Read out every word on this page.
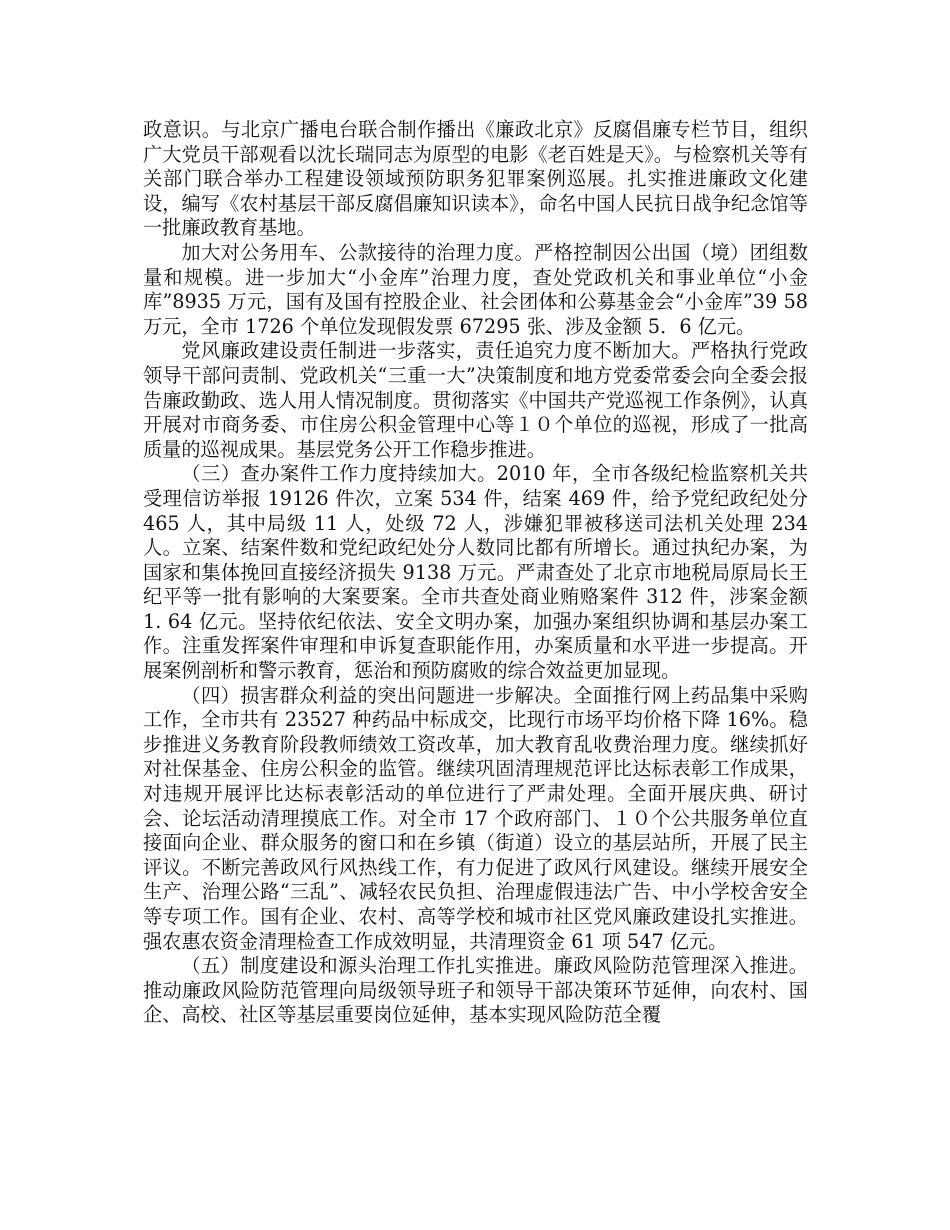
政意识。与北京广播电台联合制作播出《廉政北京》反腐倡廉专栏节目，组织广大党员干部观看以沈长瑞同志为原型的电影《老百姓是天》。与检察机关等有关部门联合举办工程建设领域预防职务犯罪案例巡展。扎实推进廉政文化建设，编写《农村基层干部反腐倡廉知识读本》，命名中国人民抗日战争纪念馆等一批廉政教育基地。

加大对公务用车、公款接待的治理力度。严格控制因公出国（境）团组数量和规模。进一步加大“小金库”治理力度，查处党政机关和事业单位“小金库”8935 万元，国有及国有控股企业、社会团体和公募基金会“小金库”39 58 万元，全市 1726 个单位发现假发票 67295 张、涉及金额 5．6 亿元。

党风廉政建设责任制进一步落实，责任追究力度不断加大。严格执行党政领导干部问责制、党政机关“三重一大”决策制度和地方党委常委会向全委会报告廉政勤政、选人用人情况制度。贯彻落实《中国共产党巡视工作条例》，认真开展对市商务委、市住房公积金管理中心等１０个单位的巡视，形成了一批高质量的巡视成果。基层党务公开工作稳步推进。

（三）查办案件工作力度持续加大。2010 年，全市各级纪检监察机关共受理信访举报 19126 件次，立案 534 件，结案 469 件，给予党纪政纪处分 465 人，其中局级 11 人，处级 72 人，涉嫌犯罪被移送司法机关处理 234 人。立案、结案件数和党纪政纪处分人数同比都有所增长。通过执纪办案，为国家和集体挽回直接经济损失 9138 万元。严肃查处了北京市地税局原局长王纪平等一批有影响的大案要案。全市共查处商业贿赂案件 312 件，涉案金额 1. 64 亿元。坚持依纪依法、安全文明办案，加强办案组织协调和基层办案工作。注重发挥案件审理和申诉复查职能作用，办案质量和水平进一步提高。开展案例剖析和警示教育，惩治和预防腐败的综合效益更加显现。

（四）损害群众利益的突出问题进一步解决。全面推行网上药品集中采购工作，全市共有 23527 种药品中标成交，比现行市场平均价格下降 16%。稳步推进义务教育阶段教师绩效工资改革，加大教育乱收费治理力度。继续抓好对社保基金、住房公积金的监管。继续巩固清理规范评比达标表彰工作成果，对违规开展评比达标表彰活动的单位进行了严肃处理。全面开展庆典、研讨会、论坛活动清理摸底工作。对全市 17 个政府部门、１０个公共服务单位直接面向企业、群众服务的窗口和在乡镇（街道）设立的基层站所，开展了民主评议。不断完善政风行风热线工作，有力促进了政风行风建设。继续开展安全生产、治理公路“三乱”、减轻农民负担、治理虚假违法广告、中小学校舍安全等专项工作。国有企业、农村、高等学校和城市社区党风廉政建设扎实推进。强农惠农资金清理检查工作成效明显，共清理资金 61 项 547 亿元。

（五）制度建设和源头治理工作扎实推进。廉政风险防范管理深入推进。推动廉政风险防范管理向局级领导班子和领导干部决策环节延伸，向农村、国企、高校、社区等基层重要岗位延伸，基本实现风险防范全覆
